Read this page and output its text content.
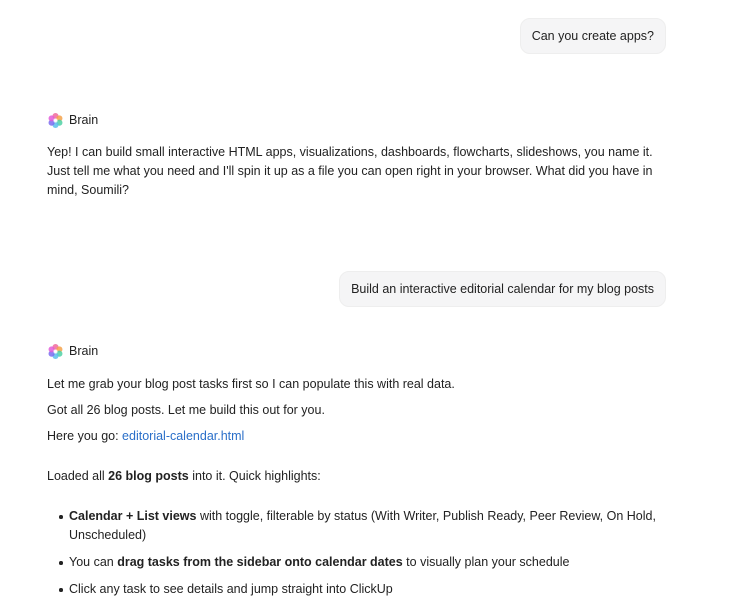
Can you create apps?
Brain
Yep! I can build small interactive HTML apps, visualizations, dashboards, flowcharts, slideshows, you name it. Just tell me what you need and I'll spin it up as a file you can open right in your browser. What did you have in mind, Soumili?
Build an interactive editorial calendar for my blog posts
Brain
Let me grab your blog post tasks first so I can populate this with real data.
Got all 26 blog posts. Let me build this out for you.
Here you go: editorial-calendar.html
Loaded all 26 blog posts into it. Quick highlights:
Calendar + List views with toggle, filterable by status (With Writer, Publish Ready, Peer Review, On Hold, Unscheduled)
You can drag tasks from the sidebar onto calendar dates to visually plan your schedule
Click any task to see details and jump straight into ClickUp
